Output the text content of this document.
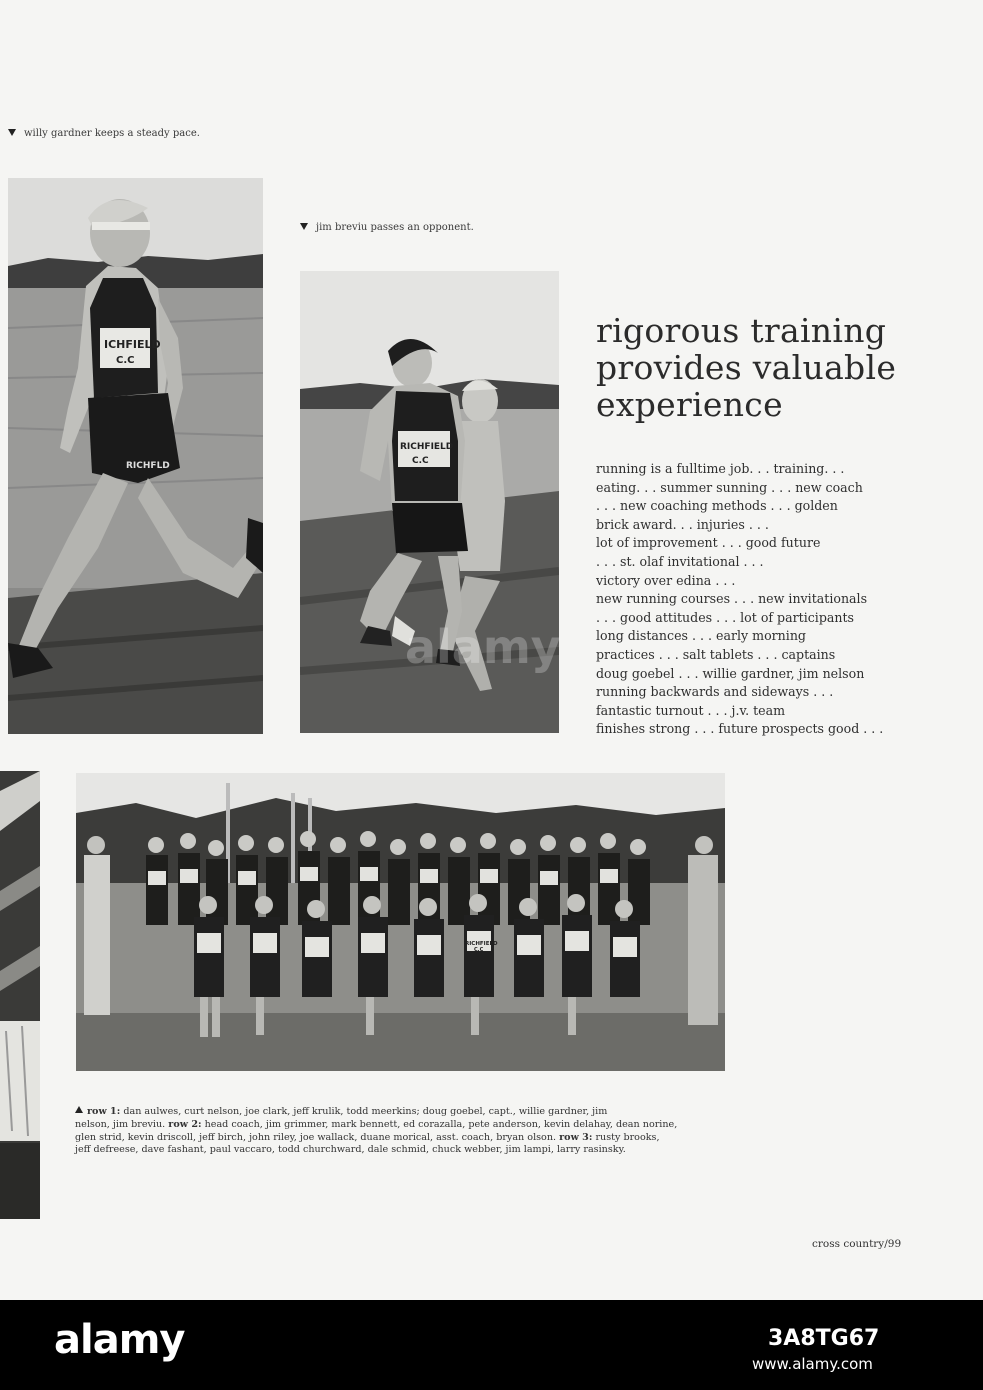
willy gardner keeps a steady pace.
ICHFIELD
C.C
RICHFLD
jim breviu passes an opponent.
RICHFIELD
C.C
rigorous training
provides valuable
experience
running is a fulltime job. . . training. . .
eating. . . summer sunning . . . new coach
. . . new coaching methods . . . golden
brick award. . . injuries . . .
lot of improvement . . . good future
. . . st. olaf invitational . . .
victory over edina . . .
new running courses . . . new invitationals
. . . good attitudes . . . lot of participants
long distances . . . early morning
practices . . . salt tablets . . . captains
doug goebel . . . willie gardner, jim nelson
running backwards and sideways . . .
fantastic turnout . . . j.v. team
finishes strong . . . future prospects good . . .
RICHFIELD
C.C
row 1: dan aulwes, curt nelson, joe clark, jeff krulik, todd meerkins; doug goebel, capt., willie gardner, jim
nelson, jim breviu. row 2: head coach, jim grimmer, mark bennett, ed corazalla, pete anderson, kevin delahay, dean norine,
glen strid, kevin driscoll, jeff birch, john riley, joe wallack, duane morical, asst. coach, bryan olson. row 3: rusty brooks,
jeff defreese, dave fashant, paul vaccaro, todd churchward, dale schmid, chuck webber, jim lampi, larry rasinsky.
cross country/99
alamy
alamy	3A8TG67
www.alamy.com
